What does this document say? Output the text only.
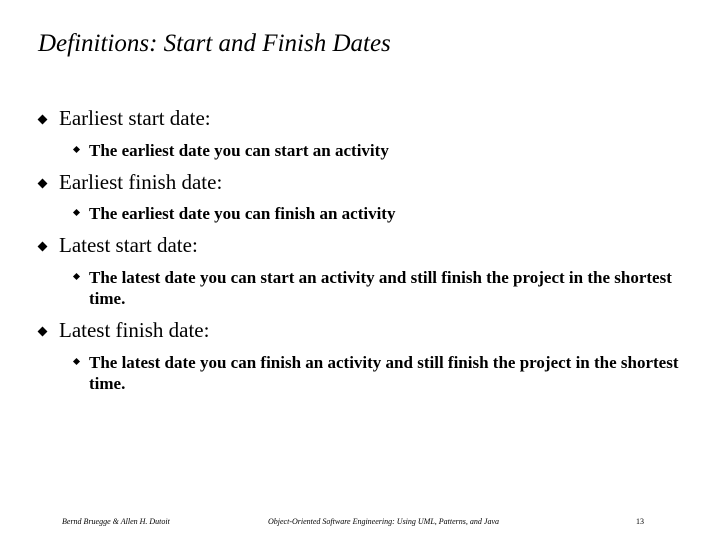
Definitions: Start and Finish Dates
Earliest start date:
The earliest date you can start an activity
Earliest finish date:
The earliest date you can finish an activity
Latest start date:
The latest date you can start an activity and still finish the project in the shortest time.
Latest finish date:
The latest date you can finish an activity and still finish the project in the shortest time.
Bernd Bruegge & Allen H. Dutoit	Object-Oriented Software Engineering: Using UML, Patterns, and Java	13
